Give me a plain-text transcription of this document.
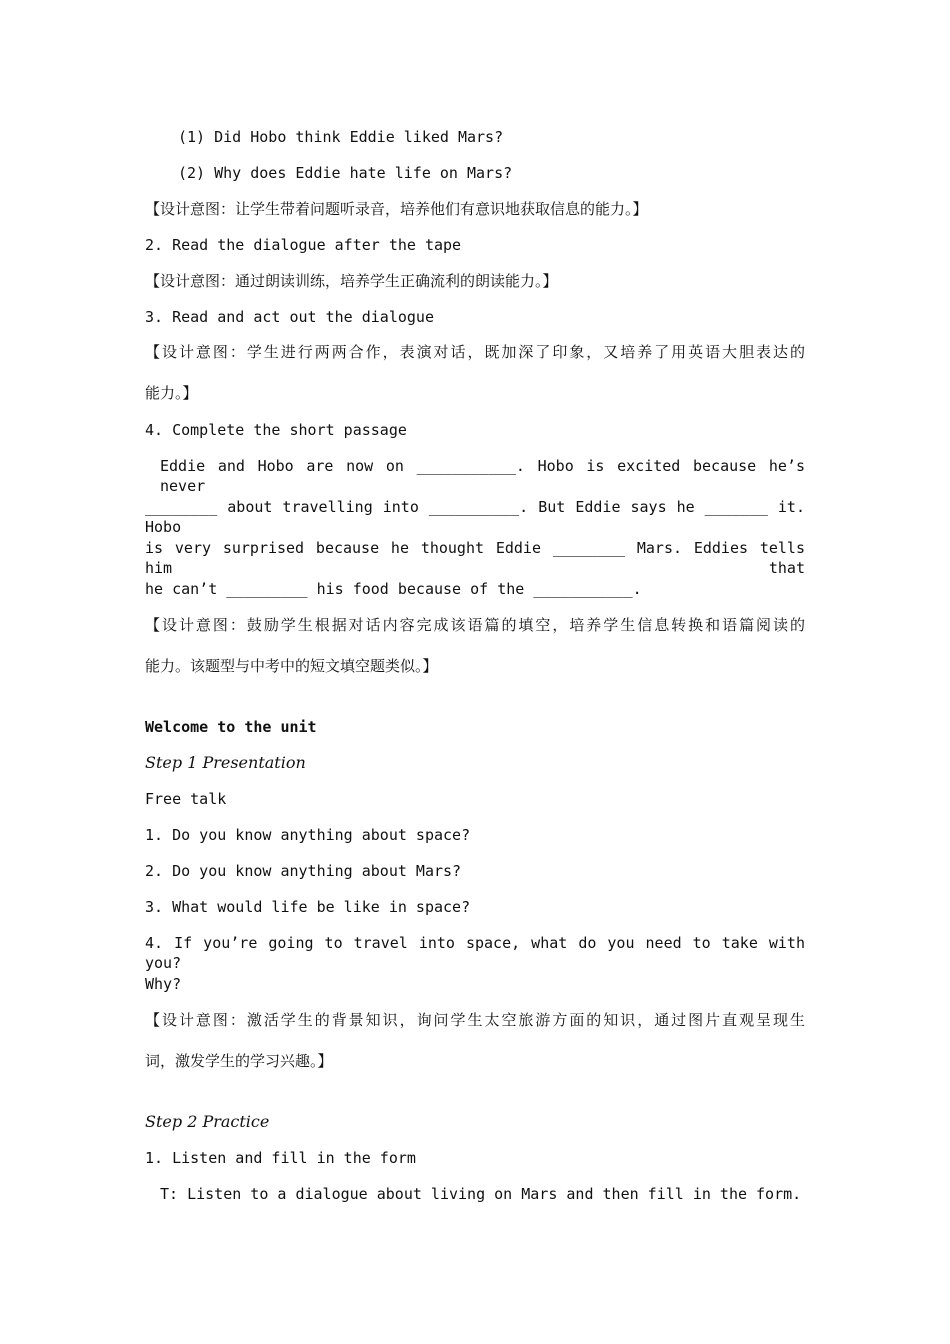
(1) Did Hobo think Eddie liked Mars?
(2) Why does Eddie hate life on Mars?
【设计意图：让学生带着问题听录音，培养他们有意识地获取信息的能力。】
2. Read the dialogue after the tape
【设计意图：通过朗读训练，培养学生正确流利的朗读能力。】
3. Read and act out the dialogue
【设计意图：学生进行两两合作，表演对话，既加深了印象，又培养了用英语大胆表达的
能力。】
4. Complete the short passage
Eddie and Hobo are now on ___________. Hobo is excited because he’s never
________ about travelling into __________. But Eddie says he _______ it. Hobo
is very surprised because he thought Eddie ________ Mars. Eddies tells him that
he can’t _________ his food because of the ___________.
【设计意图：鼓励学生根据对话内容完成该语篇的填空，培养学生信息转换和语篇阅读的
能力。该题型与中考中的短文填空题类似。】
Welcome to the unit
Step 1 Presentation
Free talk
1. Do you know anything about space?
2. Do you know anything about Mars?
3. What would life be like in space?
4. If you’re going to travel into space, what do you need to take with you?
Why?
【设计意图：激活学生的背景知识，询问学生太空旅游方面的知识，通过图片直观呈现生
词，激发学生的学习兴趣。】
Step 2 Practice
1. Listen and fill in the form
T: Listen to a dialogue about living on Mars and then fill in the form.
